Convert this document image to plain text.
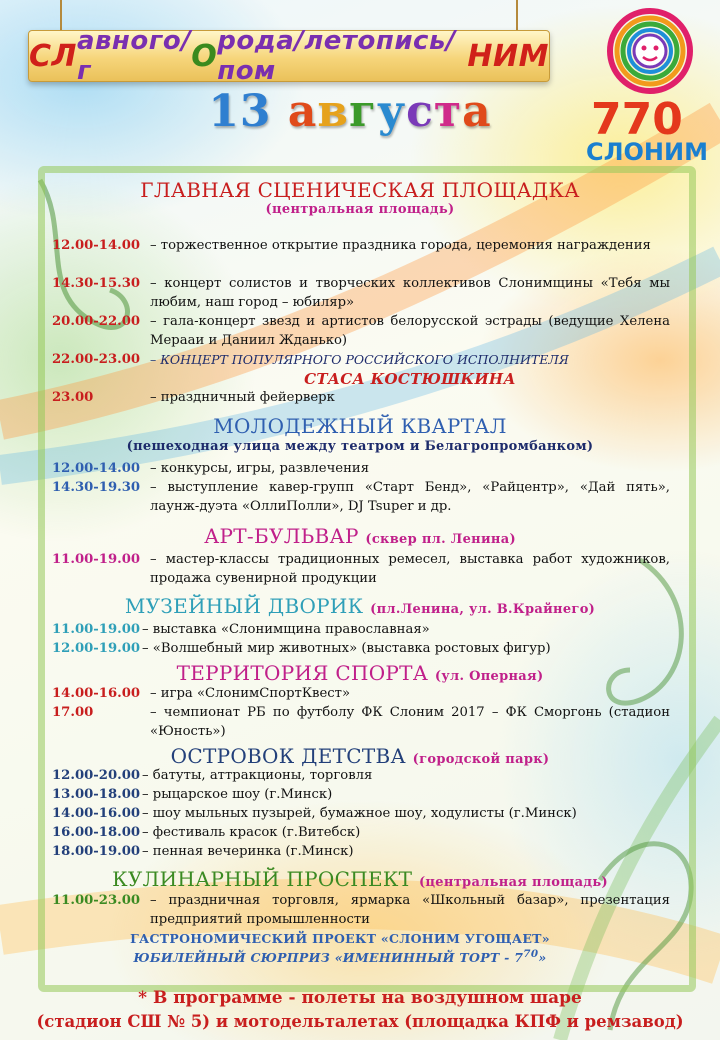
СЛ авного/г	О рода/летопись/пом	НИМ
13 августа 770
СЛОНИМ
ГЛАВНАЯ СЦЕНИЧЕСКАЯ ПЛОЩАДКА
(центральная площадь)
12.00-14.00 – торжественное открытие праздника города, церемония награждения
14.30-15.30 – концерт солистов и творческих коллективов Слонимщины «Тебя мы любим, наш город – юбиляр»
20.00-22.00 – гала-концерт звезд и артистов белорусской эстрады (ведущие Хелена Мерааи и Даниил Жданько)
22.00-23.00 – КОНЦЕРТ ПОПУЛЯРНОГО РОССИЙСКОГО ИСПОЛНИТЕЛЯ
СТАСА КОСТЮШКИНА
23.00	– праздничный фейерверк
МОЛОДЕЖНЫЙ КВАРТАЛ
(пешеходная улица между театром и Белагропромбанком)
12.00-14.00 – конкурсы, игры, развлечения
14.30-19.30 – выступление кавер-групп «Старт Бенд», «Райцентр», «Дай пять», лаунж-дуэта «ОллиПолли», DJ Tsuper и др.
АРТ-БУЛЬВАР (сквер пл. Ленина)
11.00-19.00 – мастер-классы традиционных ремесел, выставка работ художников, продажа сувенирной продукции
МУЗЕЙНЫЙ ДВОРИК (пл.Ленина, ул. В.Крайнего)
11.00-19.00 – выставка «Слонимщина православная»
12.00-19.00 – «Волшебный мир животных» (выставка ростовых фигур)
ТЕРРИТОРИЯ СПОРТА (ул. Оперная)
14.00-16.00 – игра «СлонимСпортКвест»
17.00	– чемпионат РБ по футболу ФК Слоним 2017 – ФК Сморгонь (стадион «Юность»)
ОСТРОВОК ДЕТСТВА (городской парк)
12.00-20.00 – батуты, аттракционы, торговля
13.00-18.00 – рыцарское шоу (г.Минск)
14.00-16.00 – шоу мыльных пузырей, бумажное шоу, ходулисты (г.Минск)
16.00-18.00 – фестиваль красок (г.Витебск)
18.00-19.00 – пенная вечеринка (г.Минск)
КУЛИНАРНЫЙ ПРОСПЕКТ (центральная площадь)
11.00-23.00 – праздничная торговля, ярмарка «Школьный базар», презентация предприятий промышленности
ГАСТРОНОМИЧЕСКИЙ ПРОЕКТ «СЛОНИМ УГОЩАЕТ»
ЮБИЛЕЙНЫЙ СЮРПРИЗ «ИМЕНИННЫЙ ТОРТ - $7^{70}$»
* В программе - полеты на воздушном шаре
(стадион СШ № 5) и мотодельталетах (площадка КПФ и ремзавод)
